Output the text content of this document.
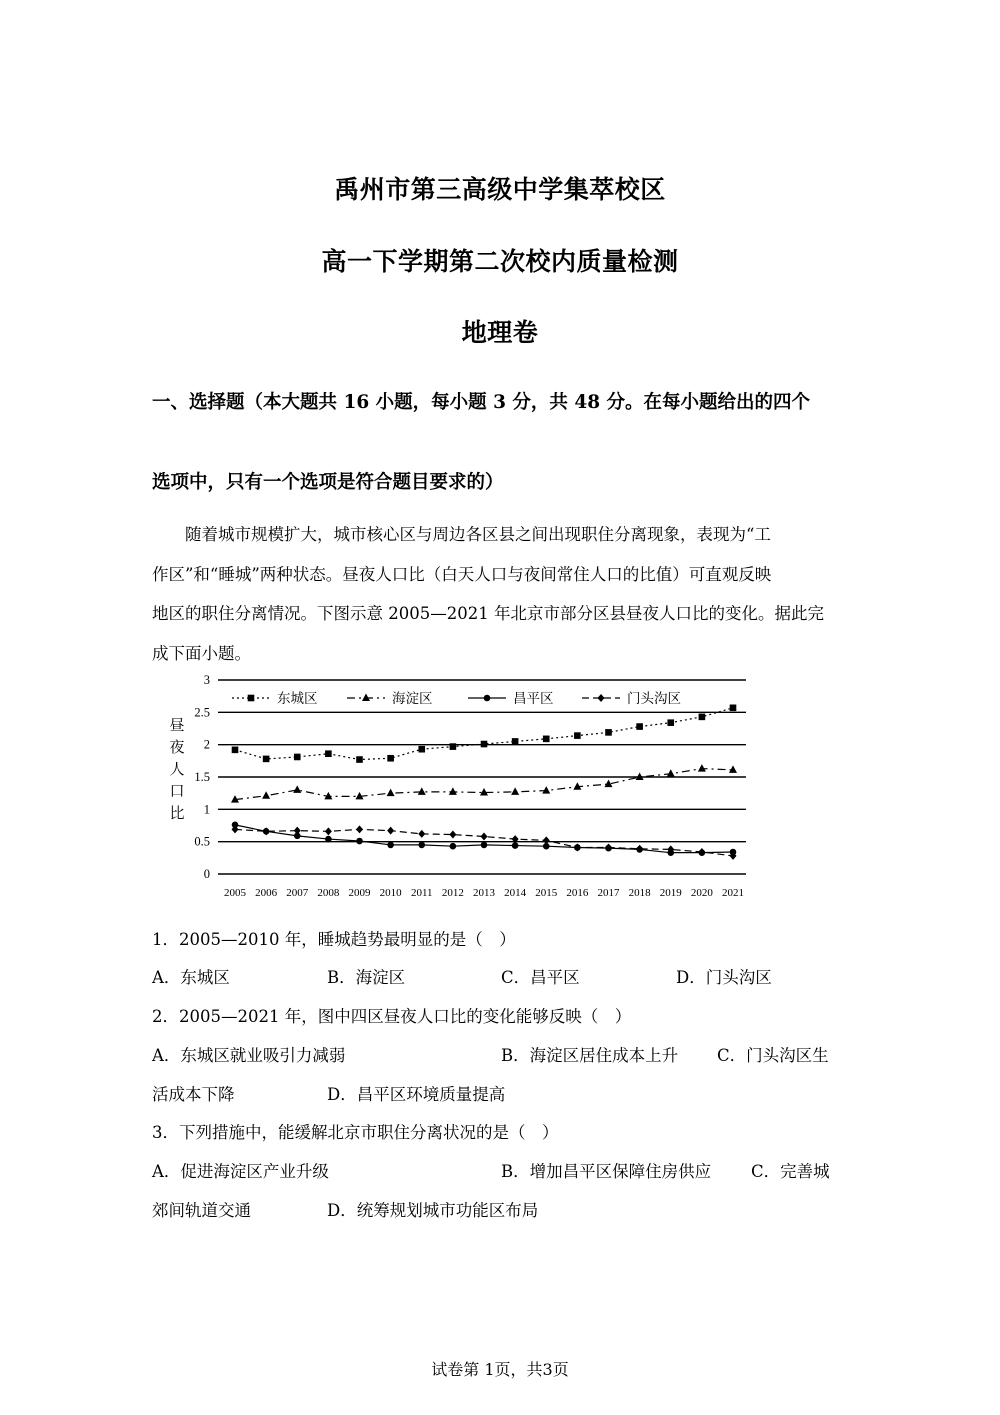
禹州市第三高级中学集萃校区
高一下学期第二次校内质量检测
地理卷
一、选择题（本大题共 16 小题，每小题 3 分，共 48 分。在每小题给出的四个
选项中，只有一个选项是符合题目要求的）
　　随着城市规模扩大，城市核心区与周边各区县之间出现职住分离现象，表现为“工
作区”和“睡城”两种状态。昼夜人口比（白天人口与夜间常住人口的比值）可直观反映
地区的职住分离情况。下图示意 2005—2021 年北京市部分区县昼夜人口比的变化。据此完
成下面小题。
0
0.5
1
1.5
2
2.5
3
2005 2006 2007 2008 2009 2010 2011 2012 2013 2014 2015 2016 2017 2018 2019 2020 2021
昼
夜
人
口
比
东城区	海淀区	昌平区	门头沟区
1．2005—2010 年，睡城趋势最明显的是（　）
A．东城区	B．海淀区	C．昌平区	D．门头沟区
2．2005—2021 年，图中四区昼夜人口比的变化能够反映（　）
A．东城区就业吸引力减弱	B．海淀区居住成本上升 C．门头沟区生
活成本下降	D．昌平区环境质量提高
3．下列措施中，能缓解北京市职住分离状况的是（　）
A．促进海淀区产业升级	B．增加昌平区保障住房供应 C．完善城
郊间轨道交通	D．统筹规划城市功能区布局
试卷第 1页，共3页
